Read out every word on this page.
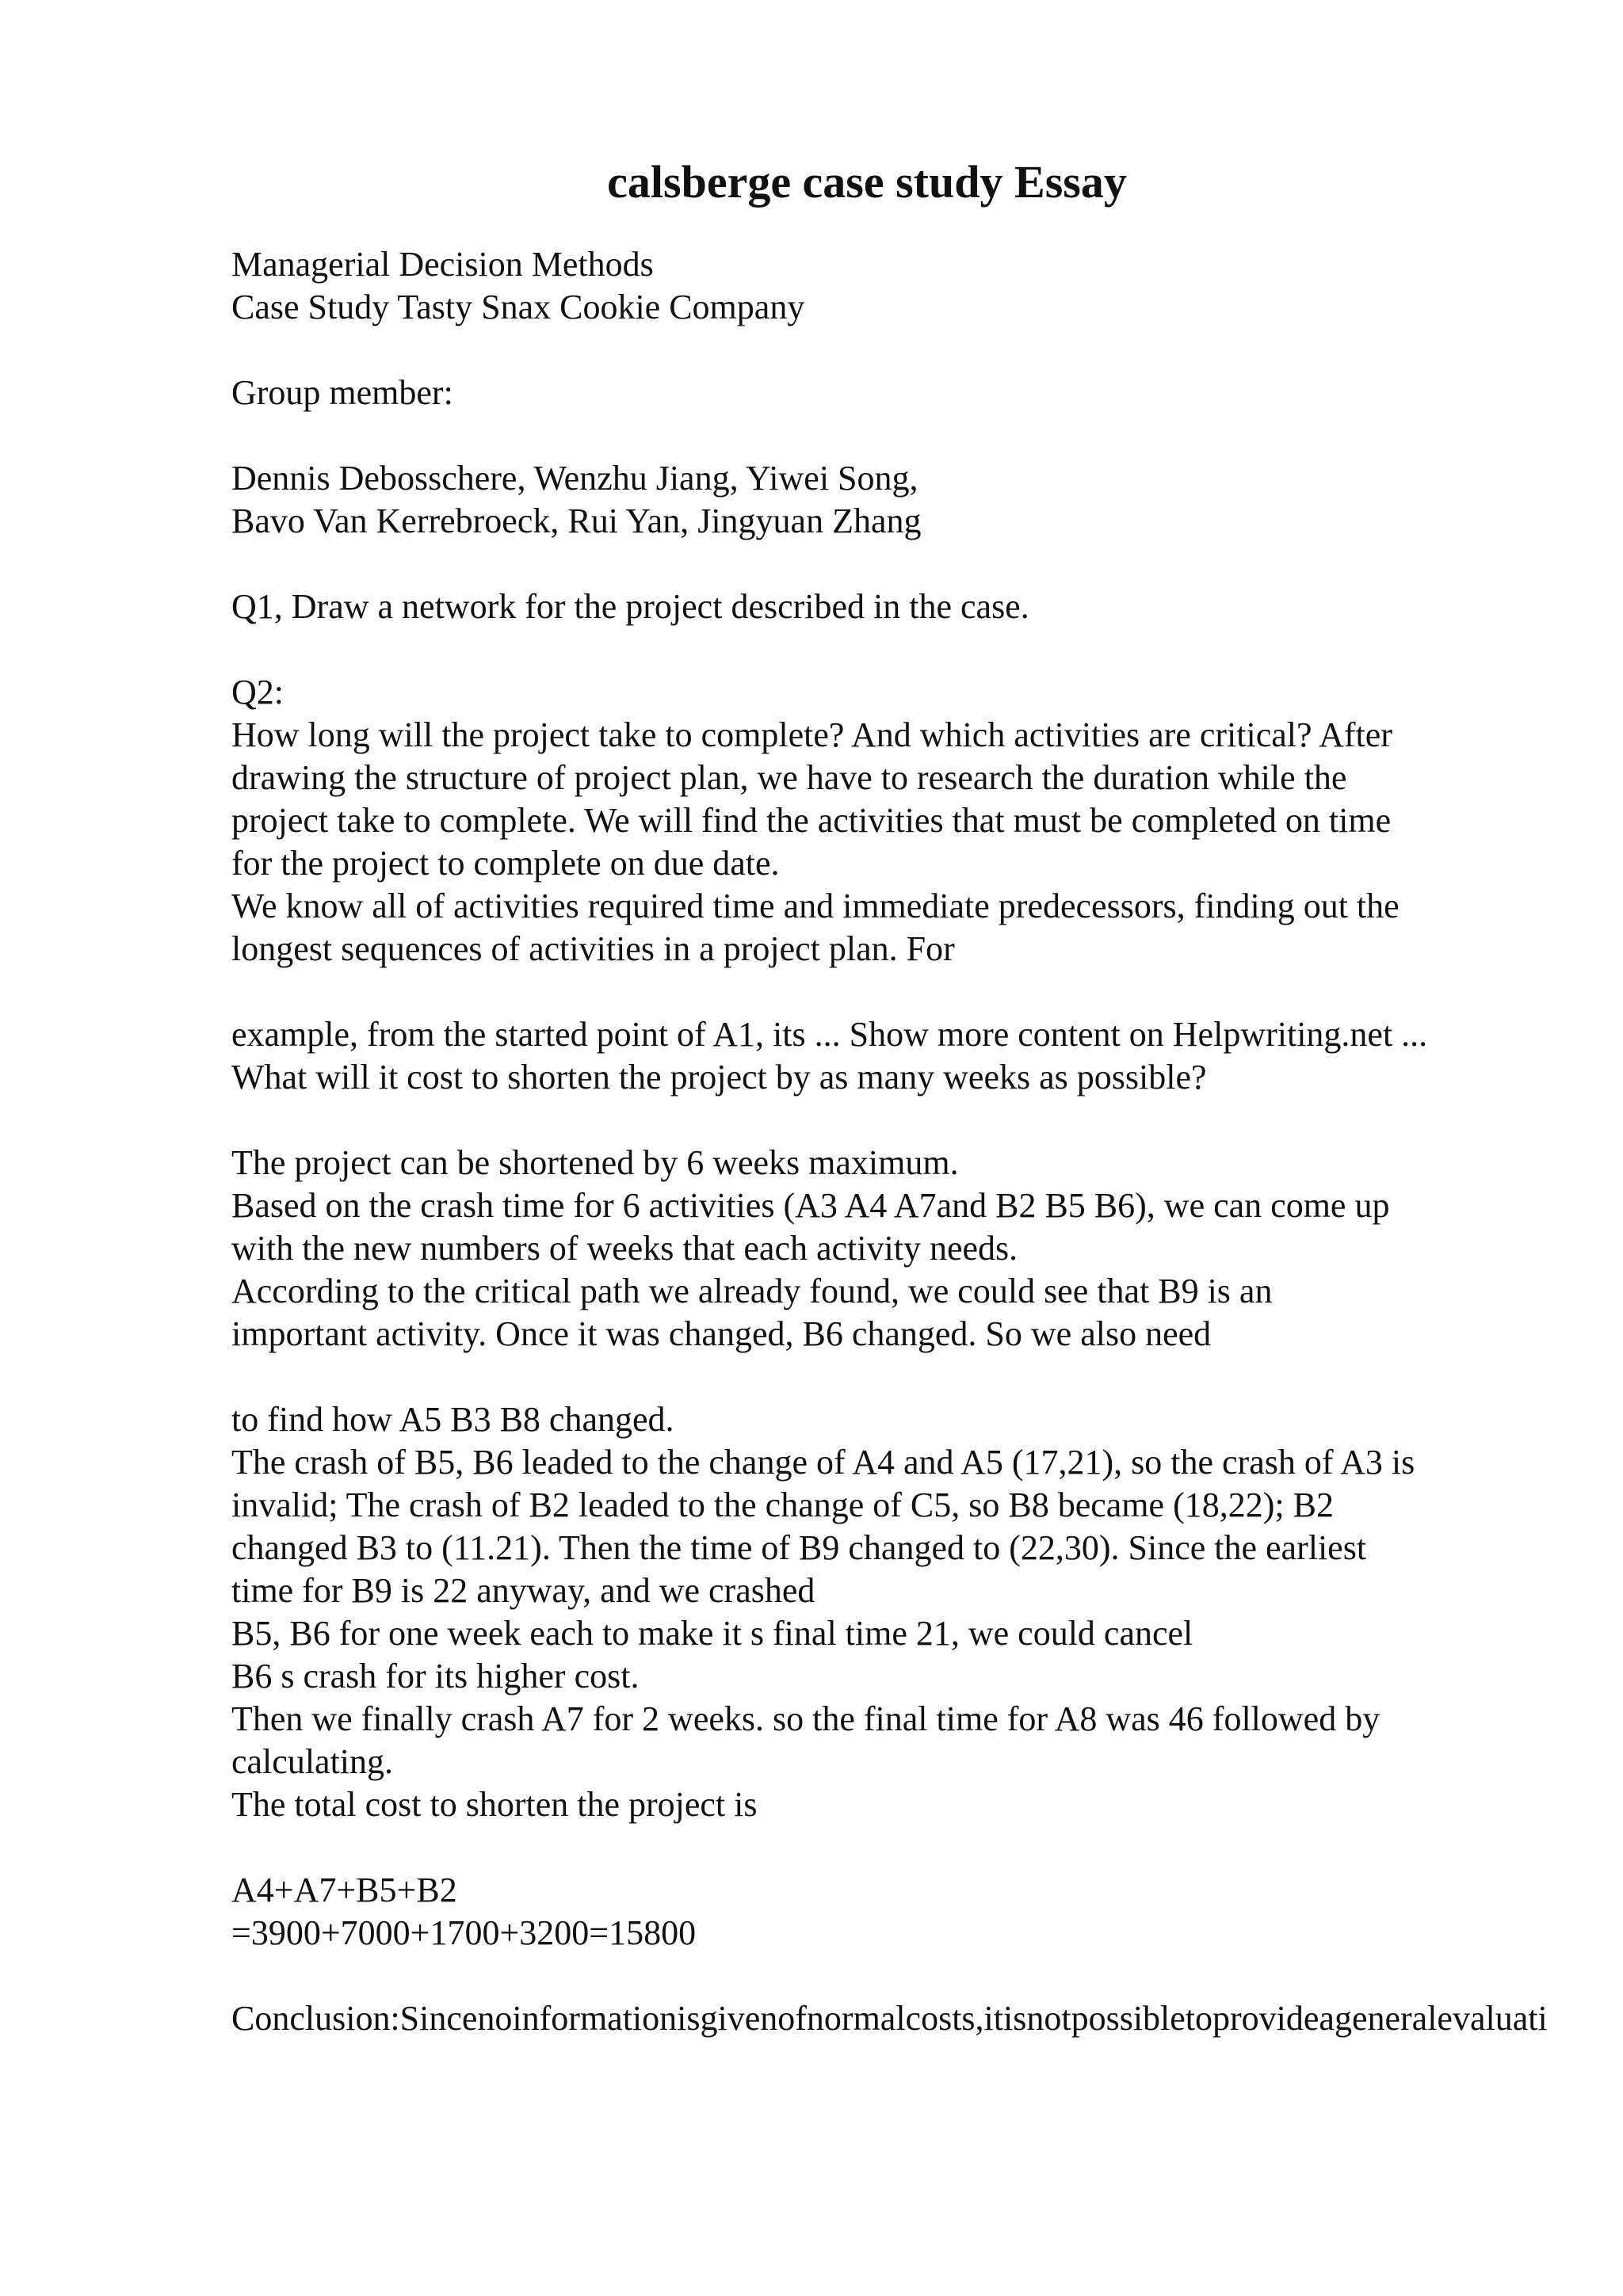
calsberge case study Essay
Managerial Decision Methods
Case Study Tasty Snax Cookie Company
Group member:
Dennis Debosschere, Wenzhu Jiang, Yiwei Song,
Bavo Van Kerrebroeck, Rui Yan, Jingyuan Zhang
Q1, Draw a network for the project described in the case.
Q2:
How long will the project take to complete? And which activities are critical? After
drawing the structure of project plan, we have to research the duration while the
project take to complete. We will find the activities that must be completed on time
for the project to complete on due date.
We know all of activities required time and immediate predecessors, finding out the
longest sequences of activities in a project plan. For
example, from the started point of A1, its ... Show more content on Helpwriting.net ...
What will it cost to shorten the project by as many weeks as possible?
The project can be shortened by 6 weeks maximum.
Based on the crash time for 6 activities (A3 A4 A7and B2 B5 B6), we can come up
with the new numbers of weeks that each activity needs.
According to the critical path we already found, we could see that B9 is an
important activity. Once it was changed, B6 changed. So we also need
to find how A5 B3 B8 changed.
The crash of B5, B6 leaded to the change of A4 and A5 (17,21), so the crash of A3 is
invalid; The crash of B2 leaded to the change of C5, so B8 became (18,22); B2
changed B3 to (11.21). Then the time of B9 changed to (22,30). Since the earliest
time for B9 is 22 anyway, and we crashed
B5, B6 for one week each to make it s final time 21, we could cancel
B6 s crash for its higher cost.
Then we finally crash A7 for 2 weeks. so the final time for A8 was 46 followed by
calculating.
The total cost to shorten the project is
A4+A7+B5+B2
=3900+7000+1700+3200=15800
Conclusion:Sincenoinformationisgivenofnormalcosts,itisnotpossibletoprovideageneralevaluati
